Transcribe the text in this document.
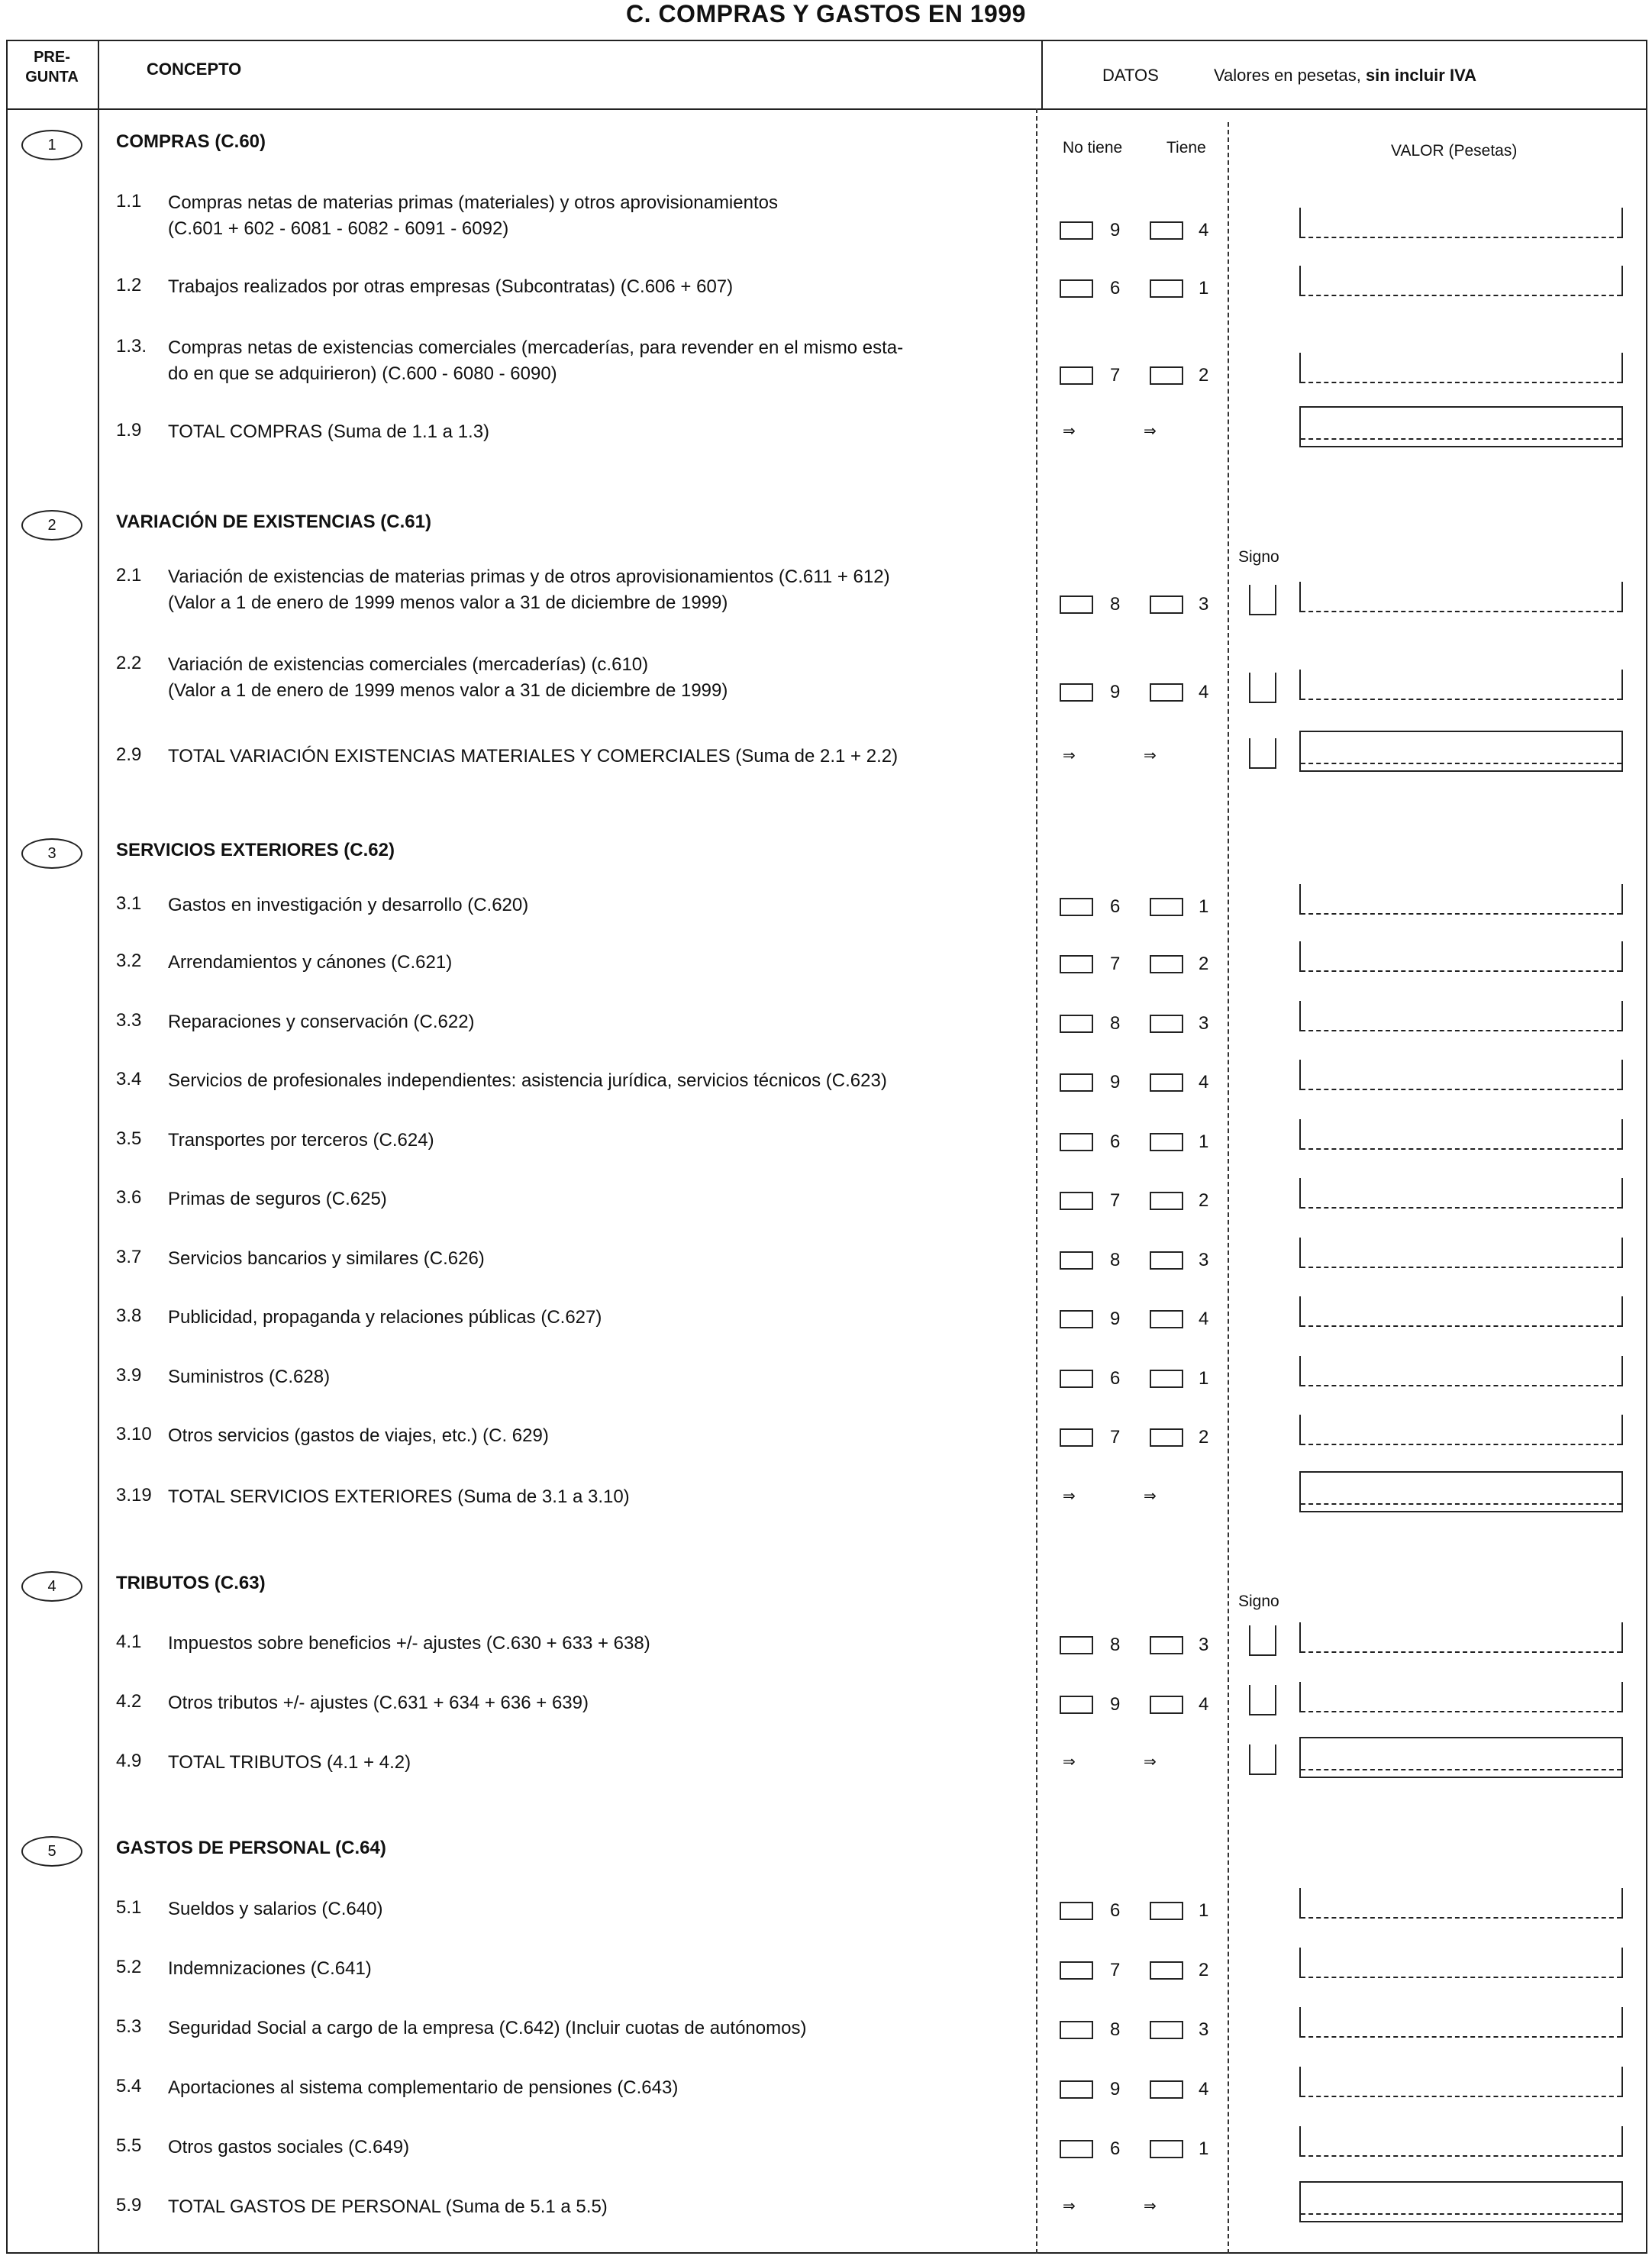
C. COMPRAS Y GASTOS EN 1999
PRE-
GUNTA	CONCEPTO	DATOS	Valores en pesetas, sin incluir IVA
No tiene	Tiene	VALOR (Pesetas)
1	COMPRAS (C.60)
1.1 Compras netas de materias primas (materiales) y otros aprovisionamientos
(C.601 + 602 - 6081 - 6082 - 6091 - 6092)	9	4
1.2 Trabajos realizados por otras empresas (Subcontratas) (C.606 + 607)	6	1
1.3. Compras netas de existencias comerciales (mercaderías, para revender en el mismo esta-
do en que se adquirieron) (C.600 - 6080 - 6090)	7	2
1.9 TOTAL COMPRAS (Suma de 1.1 a 1.3)	⇒	⇒
2	VARIACIÓN DE EXISTENCIAS (C.61)
Signo
2.1 Variación de existencias de materias primas y de otros aprovisionamientos (C.611 + 612)
(Valor a 1 de enero de 1999 menos valor a 31 de diciembre de 1999)	8	3
2.2 Variación de existencias comerciales (mercaderías) (c.610)
(Valor a 1 de enero de 1999 menos valor a 31 de diciembre de 1999)	9	4
2.9 TOTAL VARIACIÓN EXISTENCIAS MATERIALES Y COMERCIALES (Suma de 2.1 + 2.2)	⇒	⇒
3	SERVICIOS EXTERIORES (C.62)
3.1 Gastos en investigación y desarrollo (C.620)	6	1
3.2 Arrendamientos y cánones (C.621)	7	2
3.3 Reparaciones y conservación (C.622)	8	3
3.4 Servicios de profesionales independientes: asistencia jurídica, servicios técnicos (C.623)	9	4
3.5 Transportes por terceros (C.624)	6	1
3.6 Primas de seguros (C.625)	7	2
3.7 Servicios bancarios y similares (C.626)	8	3
3.8 Publicidad, propaganda y relaciones públicas (C.627)	9	4
3.9 Suministros (C.628)	6	1
3.10 Otros servicios (gastos de viajes, etc.) (C. 629)	7	2
3.19 TOTAL SERVICIOS EXTERIORES (Suma de 3.1 a 3.10)	⇒	⇒
4	TRIBUTOS (C.63)
Signo
4.1 Impuestos sobre beneficios +/- ajustes (C.630 + 633 + 638)	8	3
4.2 Otros tributos +/- ajustes (C.631 + 634 + 636 + 639)	9	4
4.9 TOTAL TRIBUTOS (4.1 + 4.2)	⇒	⇒
5	GASTOS DE PERSONAL (C.64)
5.1 Sueldos y salarios (C.640)	6	1
5.2 Indemnizaciones (C.641)	7	2
5.3 Seguridad Social a cargo de la empresa (C.642) (Incluir cuotas de autónomos)	8	3
5.4 Aportaciones al sistema complementario de pensiones (C.643)	9	4
5.5 Otros gastos sociales (C.649)	6	1
5.9 TOTAL GASTOS DE PERSONAL (Suma de 5.1 a 5.5)	⇒	⇒
